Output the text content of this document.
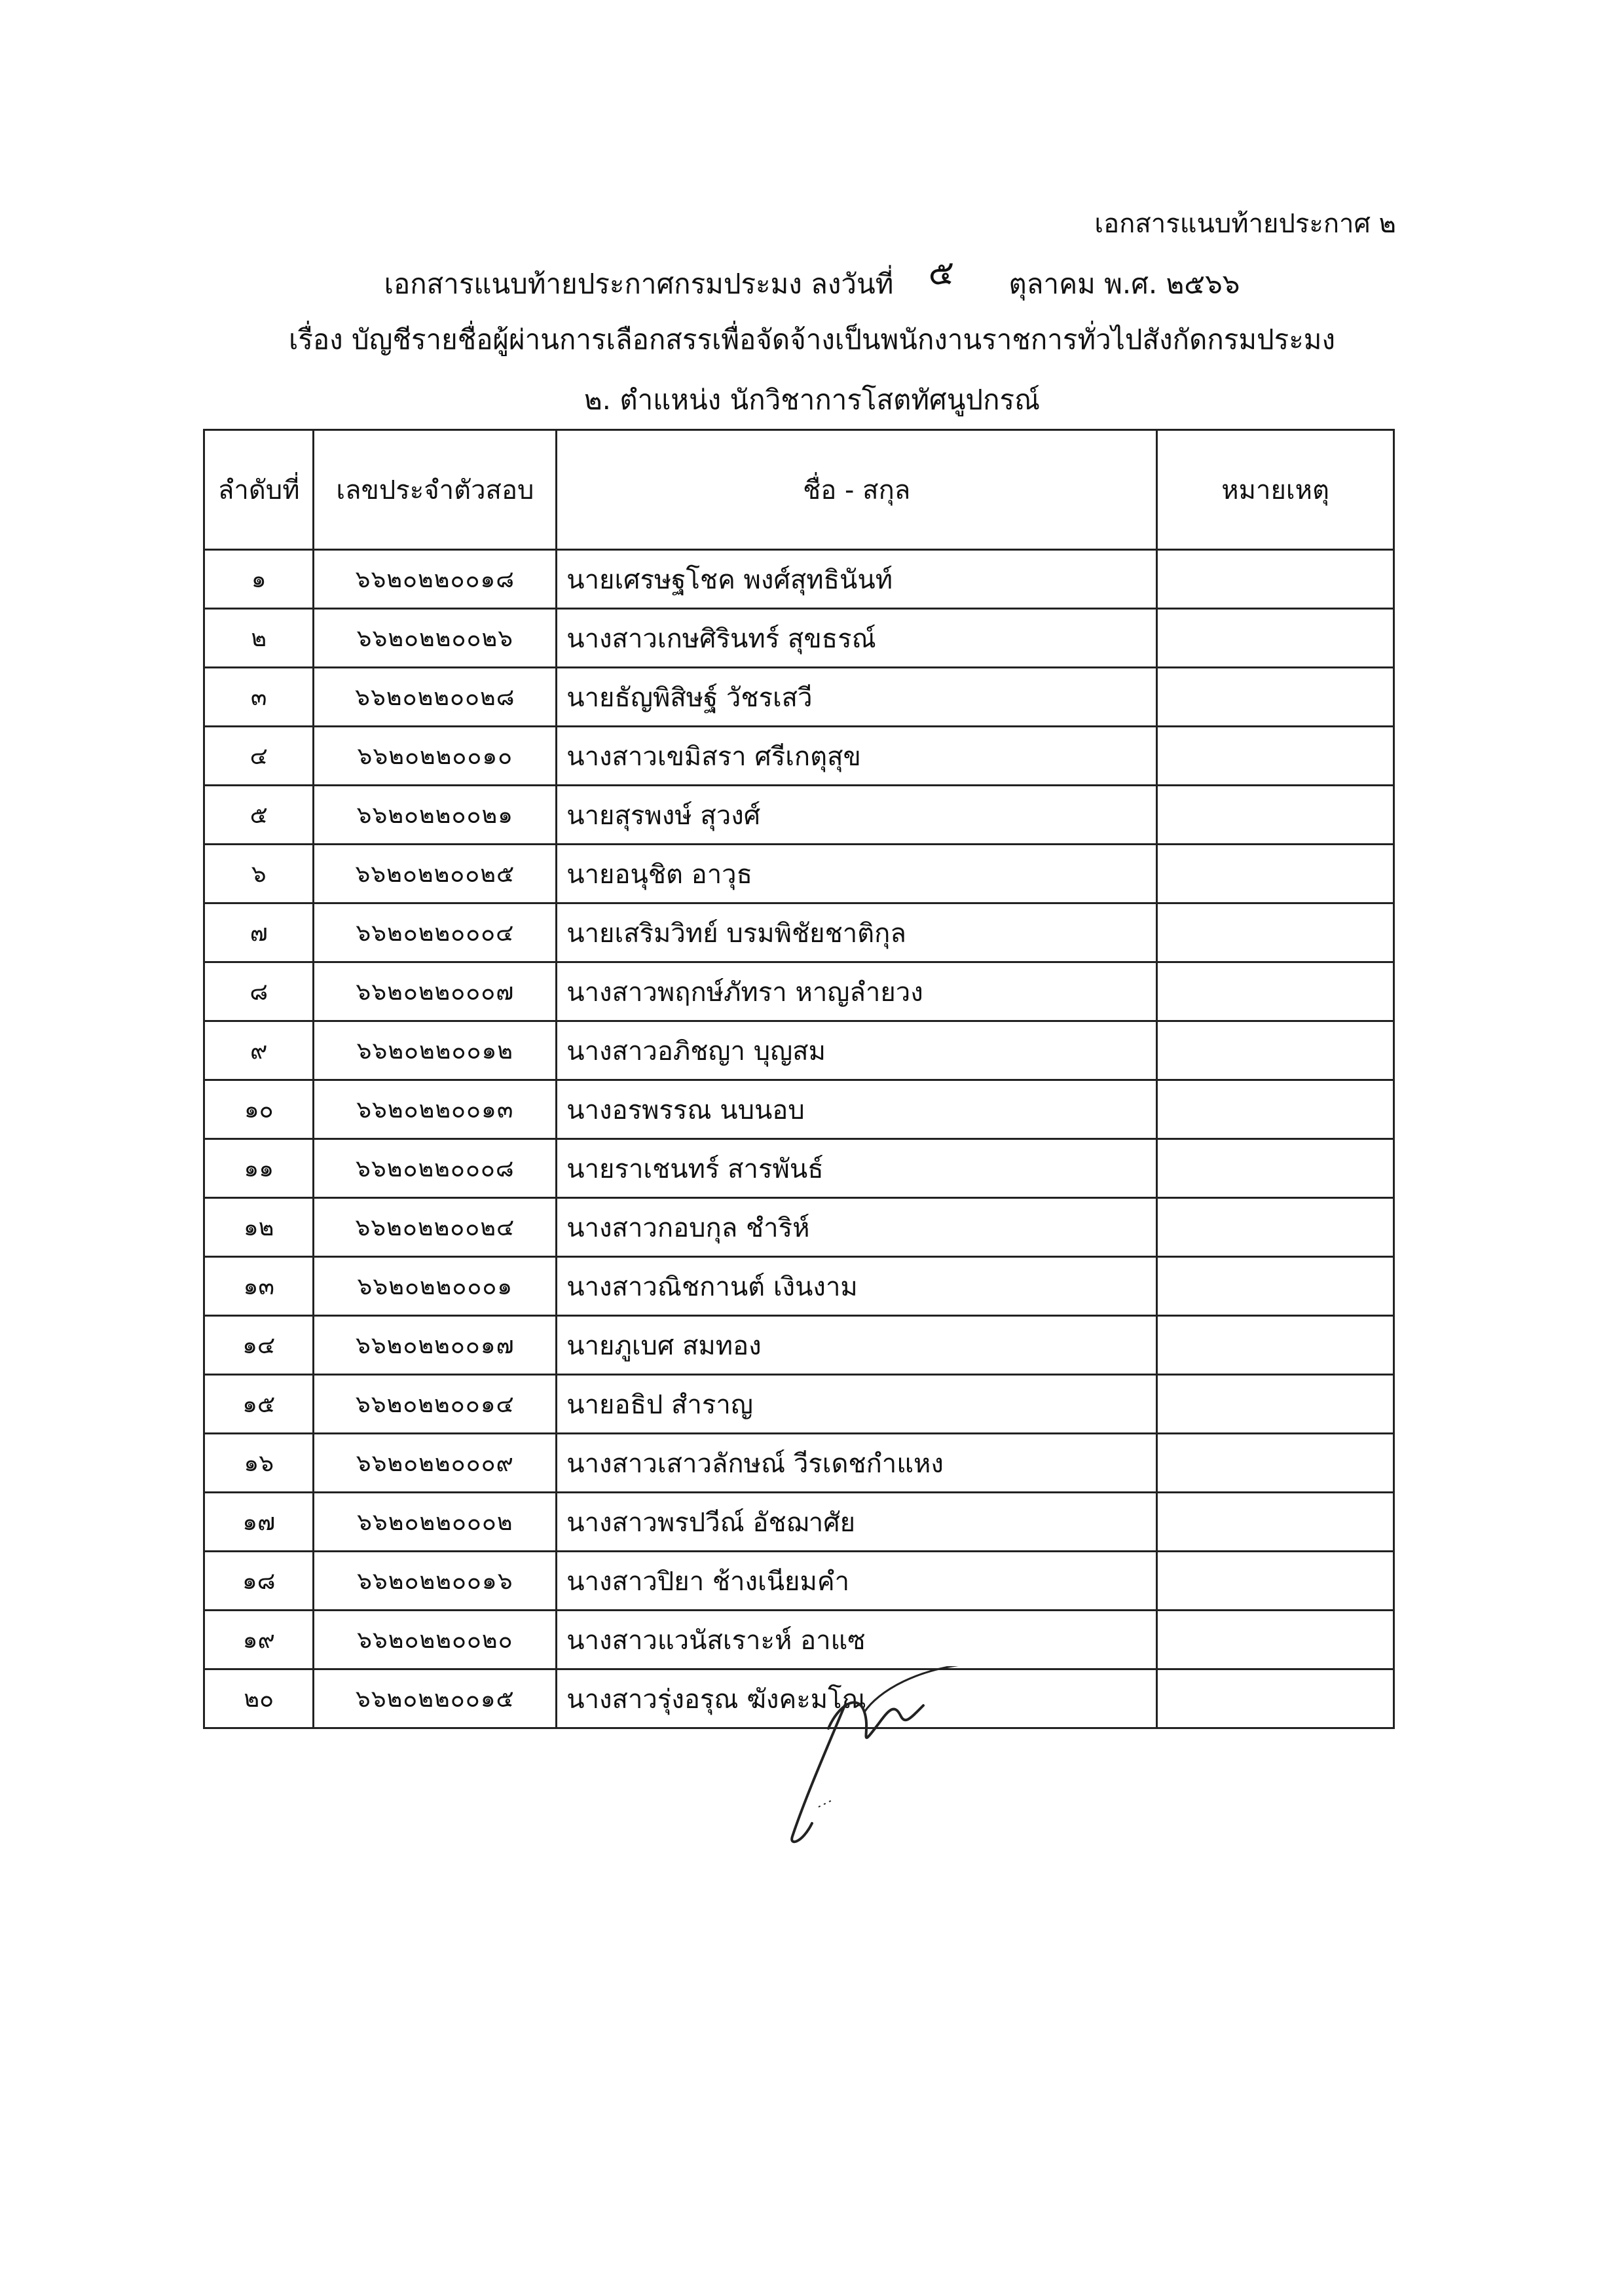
เอกสารแนบท้ายประกาศ ๒
เอกสารแนบท้ายประกาศกรมประมง ลงวันที่ ๕ ตุลาคม พ.ศ. ๒๕๖๖
เรื่อง บัญชีรายชื่อผู้ผ่านการเลือกสรรเพื่อจัดจ้างเป็นพนักงานราชการทั่วไปสังกัดกรมประมง
๒. ตำแหน่ง นักวิชาการโสตทัศนูปกรณ์
ลำดับที่	เลขประจำตัวสอบ	ชื่อ - สกุล	หมายเหตุ
๑	๖๖๒๐๒๒๐๐๑๘	นายเศรษฐโชค พงศ์สุทธินันท์
๒	๖๖๒๐๒๒๐๐๒๖	นางสาวเกษศิรินทร์ สุขธรณ์
๓	๖๖๒๐๒๒๐๐๒๘	นายธัญพิสิษฐ์ วัชรเสวี
๔	๖๖๒๐๒๒๐๐๑๐	นางสาวเขมิสรา ศรีเกตุสุข
๕	๖๖๒๐๒๒๐๐๒๑	นายสุรพงษ์ สุวงศ์
๖	๖๖๒๐๒๒๐๐๒๕	นายอนุชิต อาวุธ
๗	๖๖๒๐๒๒๐๐๐๔	นายเสริมวิทย์ บรมพิชัยชาติกุล
๘	๖๖๒๐๒๒๐๐๐๗	นางสาวพฤกษ์ภัทรา หาญลำยวง
๙	๖๖๒๐๒๒๐๐๑๒	นางสาวอภิชญา บุญสม
๑๐	๖๖๒๐๒๒๐๐๑๓	นางอรพรรณ นบนอบ
๑๑	๖๖๒๐๒๒๐๐๐๘	นายราเชนทร์ สารพันธ์
๑๒	๖๖๒๐๒๒๐๐๒๔	นางสาวกอบกุล ชำริห์
๑๓	๖๖๒๐๒๒๐๐๐๑	นางสาวณิชกานต์ เงินงาม
๑๔	๖๖๒๐๒๒๐๐๑๗	นายภูเบศ สมทอง
๑๕	๖๖๒๐๒๒๐๐๑๔	นายอธิป สำราญ
๑๖	๖๖๒๐๒๒๐๐๐๙	นางสาวเสาวลักษณ์ วีรเดชกำแหง
๑๗	๖๖๒๐๒๒๐๐๐๒	นางสาวพรปวีณ์ อัชฌาศัย
๑๘	๖๖๒๐๒๒๐๐๑๖	นางสาวปิยา ช้างเนียมคำ
๑๙	๖๖๒๐๒๒๐๐๒๐	นางสาวแวนัสเราะห์ อาแซ
๒๐	๖๖๒๐๒๒๐๐๑๕	นางสาวรุ่งอรุณ ฆังคะมโณ
